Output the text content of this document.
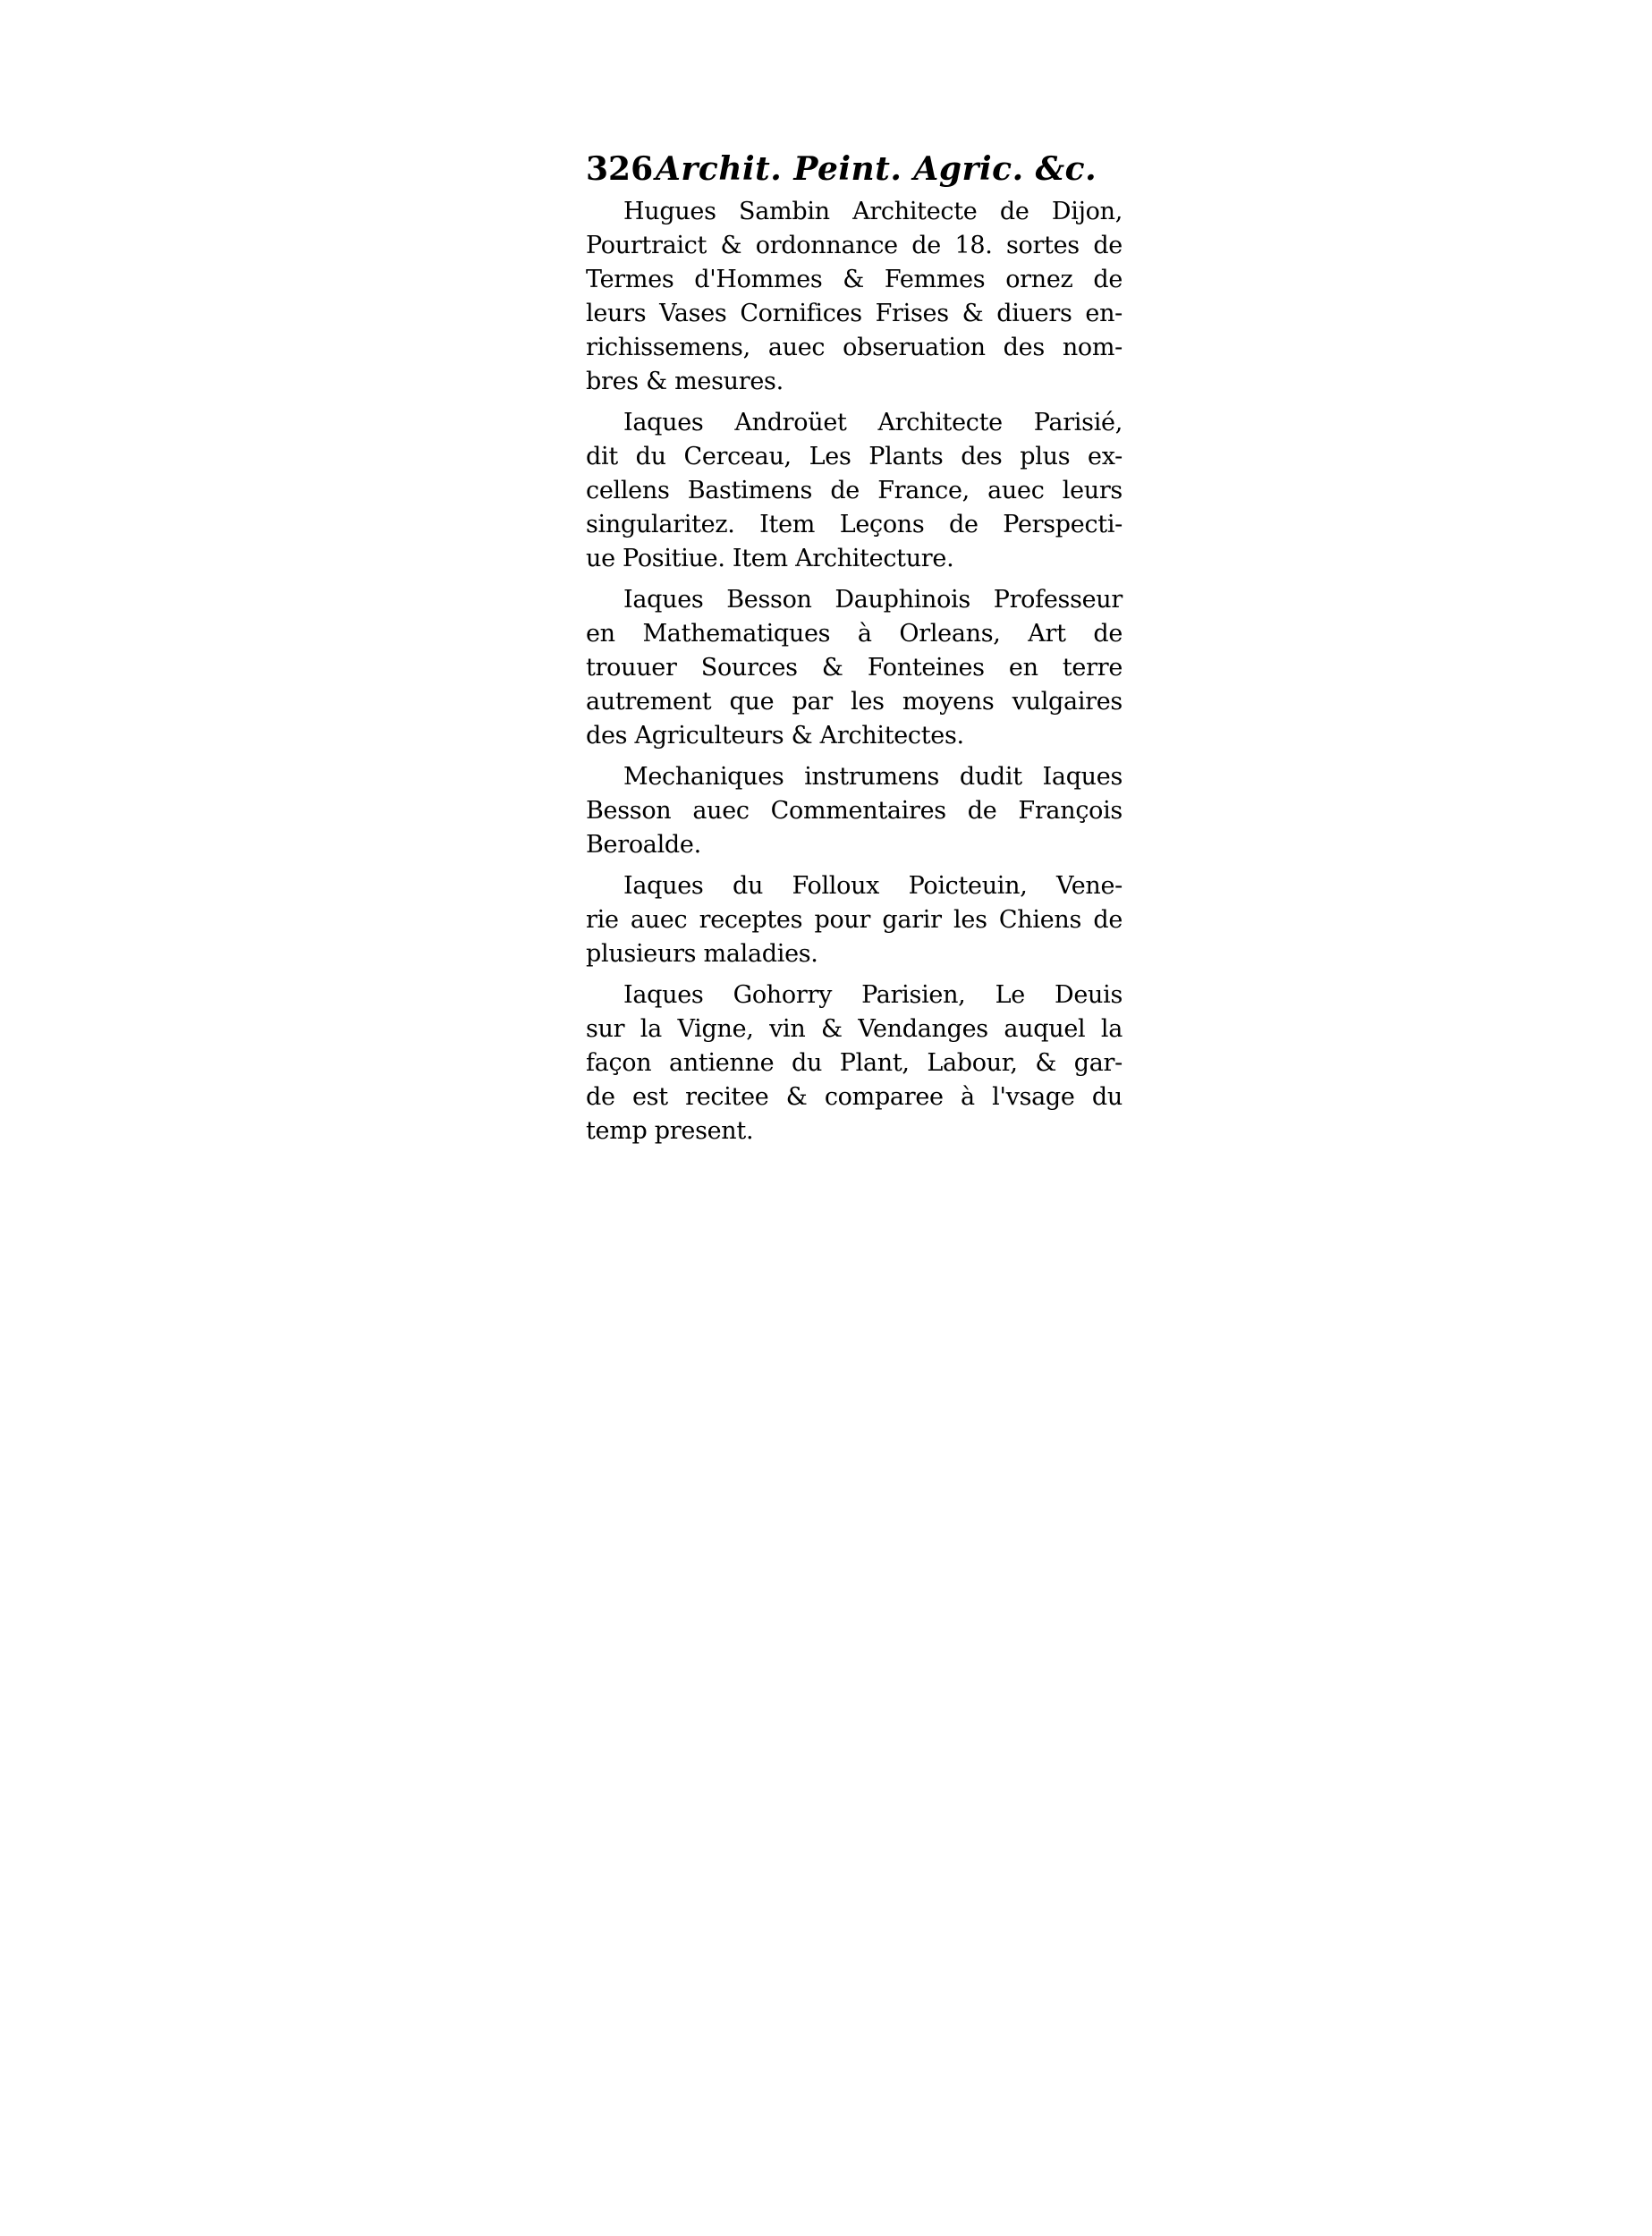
326Archit. Peint. Agric. &c.

Hugues Sambin Architecte de Dijon,
Pourtraict & ordonnance de 18. sortes de
Termes d'Hommes & Femmes ornez de
leurs Vases Cornifices Frises & diuers en-
richissemens, auec obseruation des nom-
bres & mesures.

Iaques Androüet Architecte Parisié,
dit du Cerceau, Les Plants des plus ex-
cellens Bastimens de France, auec leurs
singularitez. Item Leçons de Perspecti-
ue Positiue. Item Architecture.

Iaques Besson Dauphinois Professeur
en Mathematiques à Orleans, Art de
trouuer Sources & Fonteines en terre
autrement que par les moyens vulgaires
des Agriculteurs & Architectes.

Mechaniques instrumens dudit Iaques
Besson auec Commentaires de François
Beroalde.

Iaques du Folloux Poicteuin, Vene-
rie auec receptes pour garir les Chiens de
plusieurs maladies.

Iaques Gohorry Parisien, Le Deuis
sur la Vigne, vin & Vendanges auquel la
façon antienne du Plant, Labour, & gar-
de est recitee & comparee à l'vsage du
temp present.
